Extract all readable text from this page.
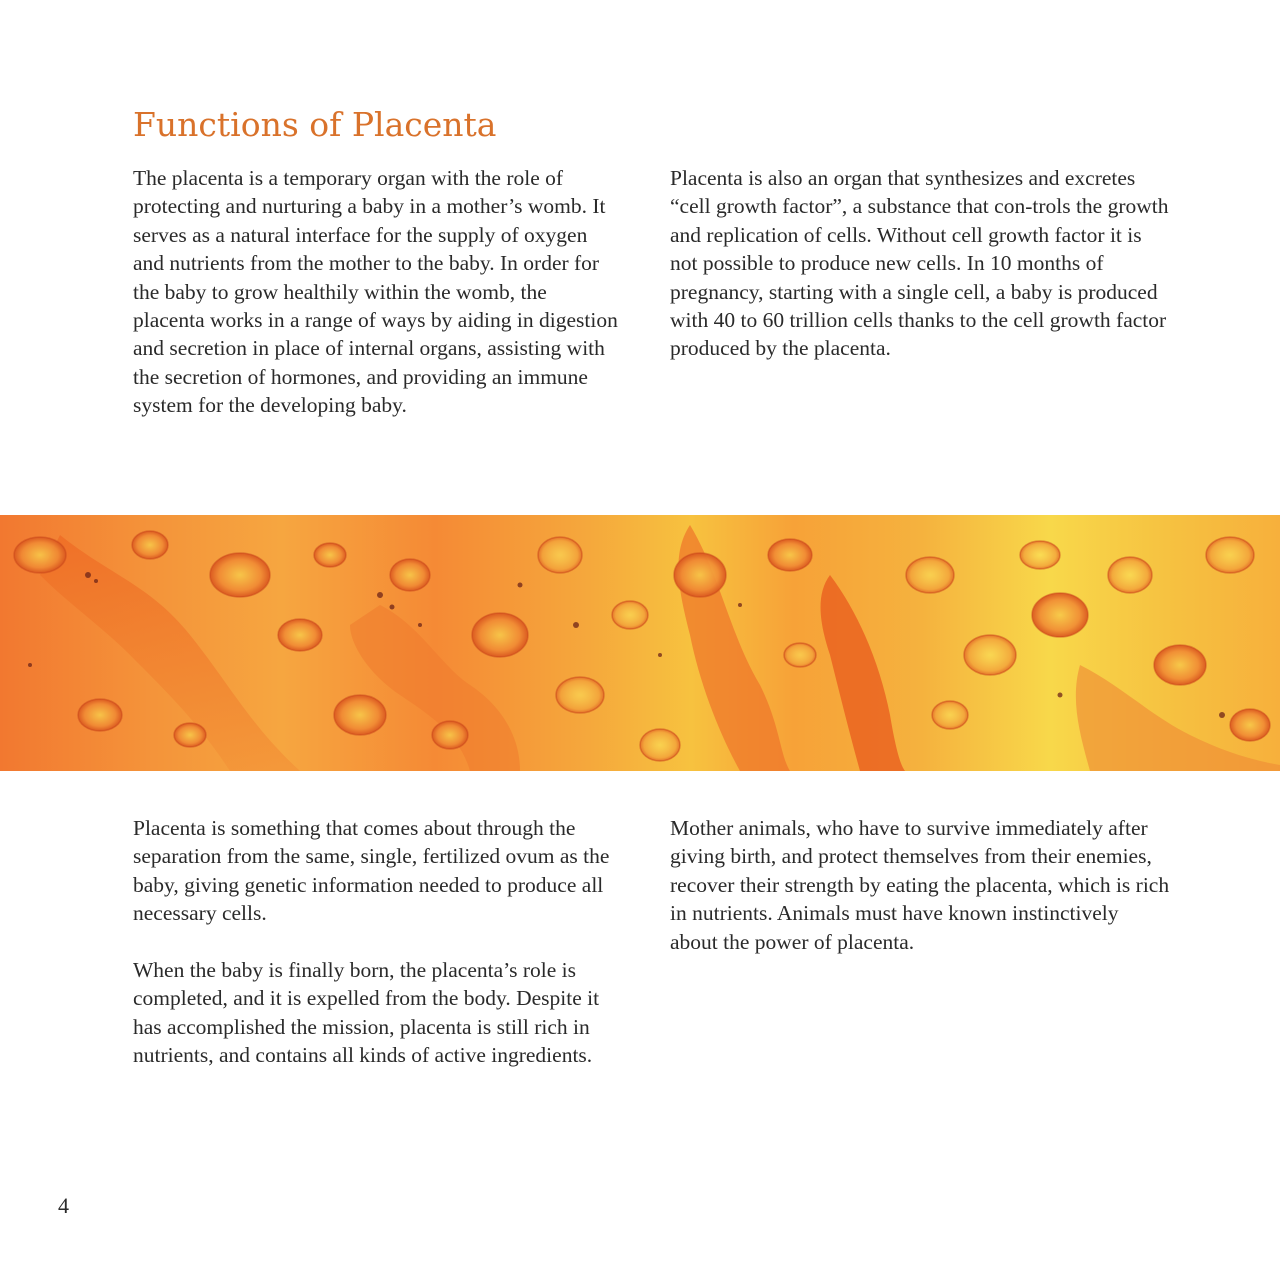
Functions of Placenta

The placenta is a temporary organ with the role of protecting and nurturing a baby in a mother’s womb. It serves as a natural interface for the supply of oxygen and nutrients from the mother to the baby. In order for the baby to grow healthily within the womb, the placenta works in a range of ways by aiding in digestion and secretion in place of internal organs, assisting with the secretion of hormones, and providing an immune system for the developing baby.

Placenta is also an organ that synthesizes and excretes “cell growth factor”, a substance that con-trols the growth and replication of cells. Without cell growth factor it is not possible to produce new cells. In 10 months of pregnancy, starting with a single cell, a baby is produced with 40 to 60 trillion cells thanks to the cell growth factor produced by the placenta.

Placenta is something that comes about through the separation from the same, single, fertilized ovum as the baby, giving genetic information needed to produce all necessary cells.

When the baby is finally born, the placenta’s role is completed, and it is expelled from the body. Despite it has accomplished the mission, placenta is still rich in nutrients, and contains all kinds of active ingredients.

Mother animals, who have to survive immediately after giving birth, and protect themselves from their enemies, recover their strength by eating the placenta, which is rich in nutrients. Animals must have known instinctively about the power of placenta.

4
